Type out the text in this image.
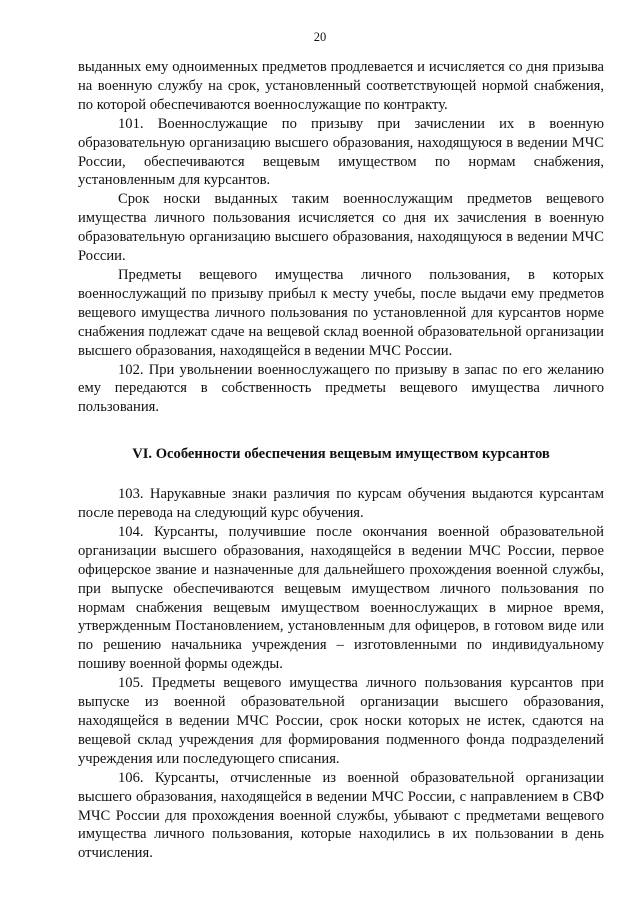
20

выданных ему одноименных предметов продлевается и исчисляется со дня призыва на военную службу на срок, установленный соответствующей нормой снабжения, по которой обеспечиваются военнослужащие по контракту.

101. Военнослужащие по призыву при зачислении их в военную образовательную организацию высшего образования, находящуюся в ведении МЧС России, обеспечиваются вещевым имуществом по нормам снабжения, установленным для курсантов.

Срок носки выданных таким военнослужащим предметов вещевого имущества личного пользования исчисляется со дня их зачисления в военную образовательную организацию высшего образования, находящуюся в ведении МЧС России.

Предметы вещевого имущества личного пользования, в которых военнослужащий по призыву прибыл к месту учебы, после выдачи ему предметов вещевого имущества личного пользования по установленной для курсантов норме снабжения подлежат сдаче на вещевой склад военной образовательной организации высшего образования, находящейся в ведении МЧС России.

102. При увольнении военнослужащего по призыву в запас по его желанию ему передаются в собственность предметы вещевого имущества личного пользования.

VI. Особенности обеспечения вещевым имуществом курсантов

103. Нарукавные знаки различия по курсам обучения выдаются курсантам после перевода на следующий курс обучения.

104. Курсанты, получившие после окончания военной образовательной организации высшего образования, находящейся в ведении МЧС России, первое офицерское звание и назначенные для дальнейшего прохождения военной службы, при выпуске обеспечиваются вещевым имуществом личного пользования по нормам снабжения вещевым имуществом военнослужащих в мирное время, утвержденным Постановлением, установленным для офицеров, в готовом виде или по решению начальника учреждения – изготовленными по индивидуальному пошиву военной формы одежды.

105. Предметы вещевого имущества личного пользования курсантов при выпуске из военной образовательной организации высшего образования, находящейся в ведении МЧС России, срок носки которых не истек, сдаются на вещевой склад учреждения для формирования подменного фонда подразделений учреждения или последующего списания.

106. Курсанты, отчисленные из военной образовательной организации высшего образования, находящейся в ведении МЧС России, с направлением в СВФ МЧС России для прохождения военной службы, убывают с предметами вещевого имущества личного пользования, которые находились в их пользовании в день отчисления.
